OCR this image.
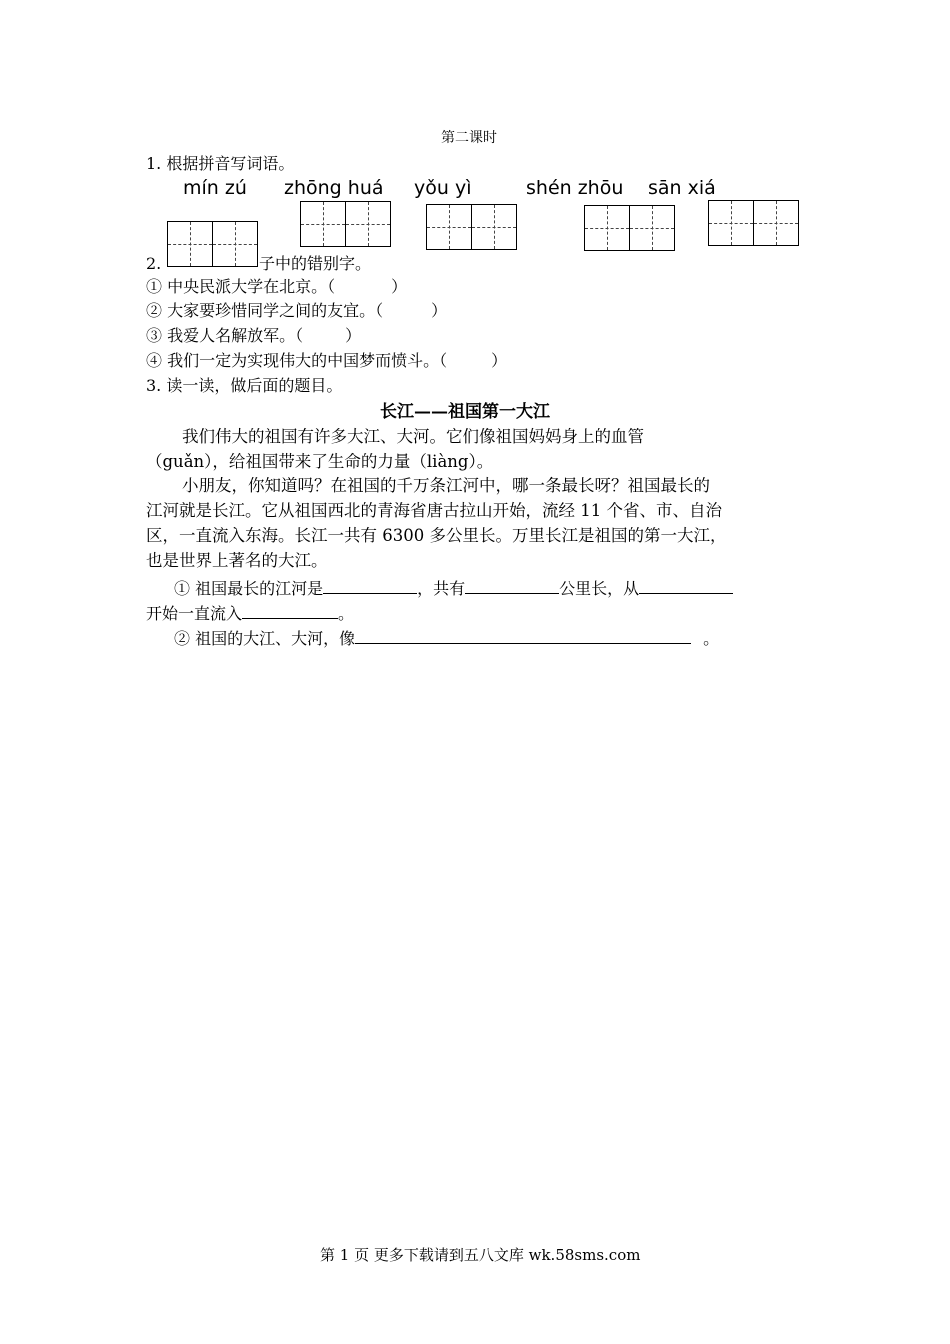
第二课时
1. 根据拼音写词语。
mín zú zhōng huá yǒu yì	shén zhōu sān xiá
2.	子中的错别字。
① 中央民派大学在北京。（	）
② 大家要珍惜同学之间的友宜。（	）
③ 我爱人名解放军。（	）
④ 我们一定为实现伟大的中国梦而愤斗。（	）
3. 读一读，做后面的题目。
长江——祖国第一大江
我们伟大的祖国有许多大江、大河。它们像祖国妈妈身上的血管
（guǎn），给祖国带来了生命的力量（liàng）。
小朋友，你知道吗？在祖国的千万条江河中，哪一条最长呀？祖国最长的
江河就是长江。它从祖国西北的青海省唐古拉山开始，流经 11 个省、市、自治
区，一直流入东海。长江一共有 6300 多公里长。万里长江是祖国的第一大江，
也是世界上著名的大江。
① 祖国最长的江河是	，共有	公里长，从
开始一直流入	。
② 祖国的大江、大河，像	。
第 1 页 更多下载请到五八文库 wk.58sms.com
